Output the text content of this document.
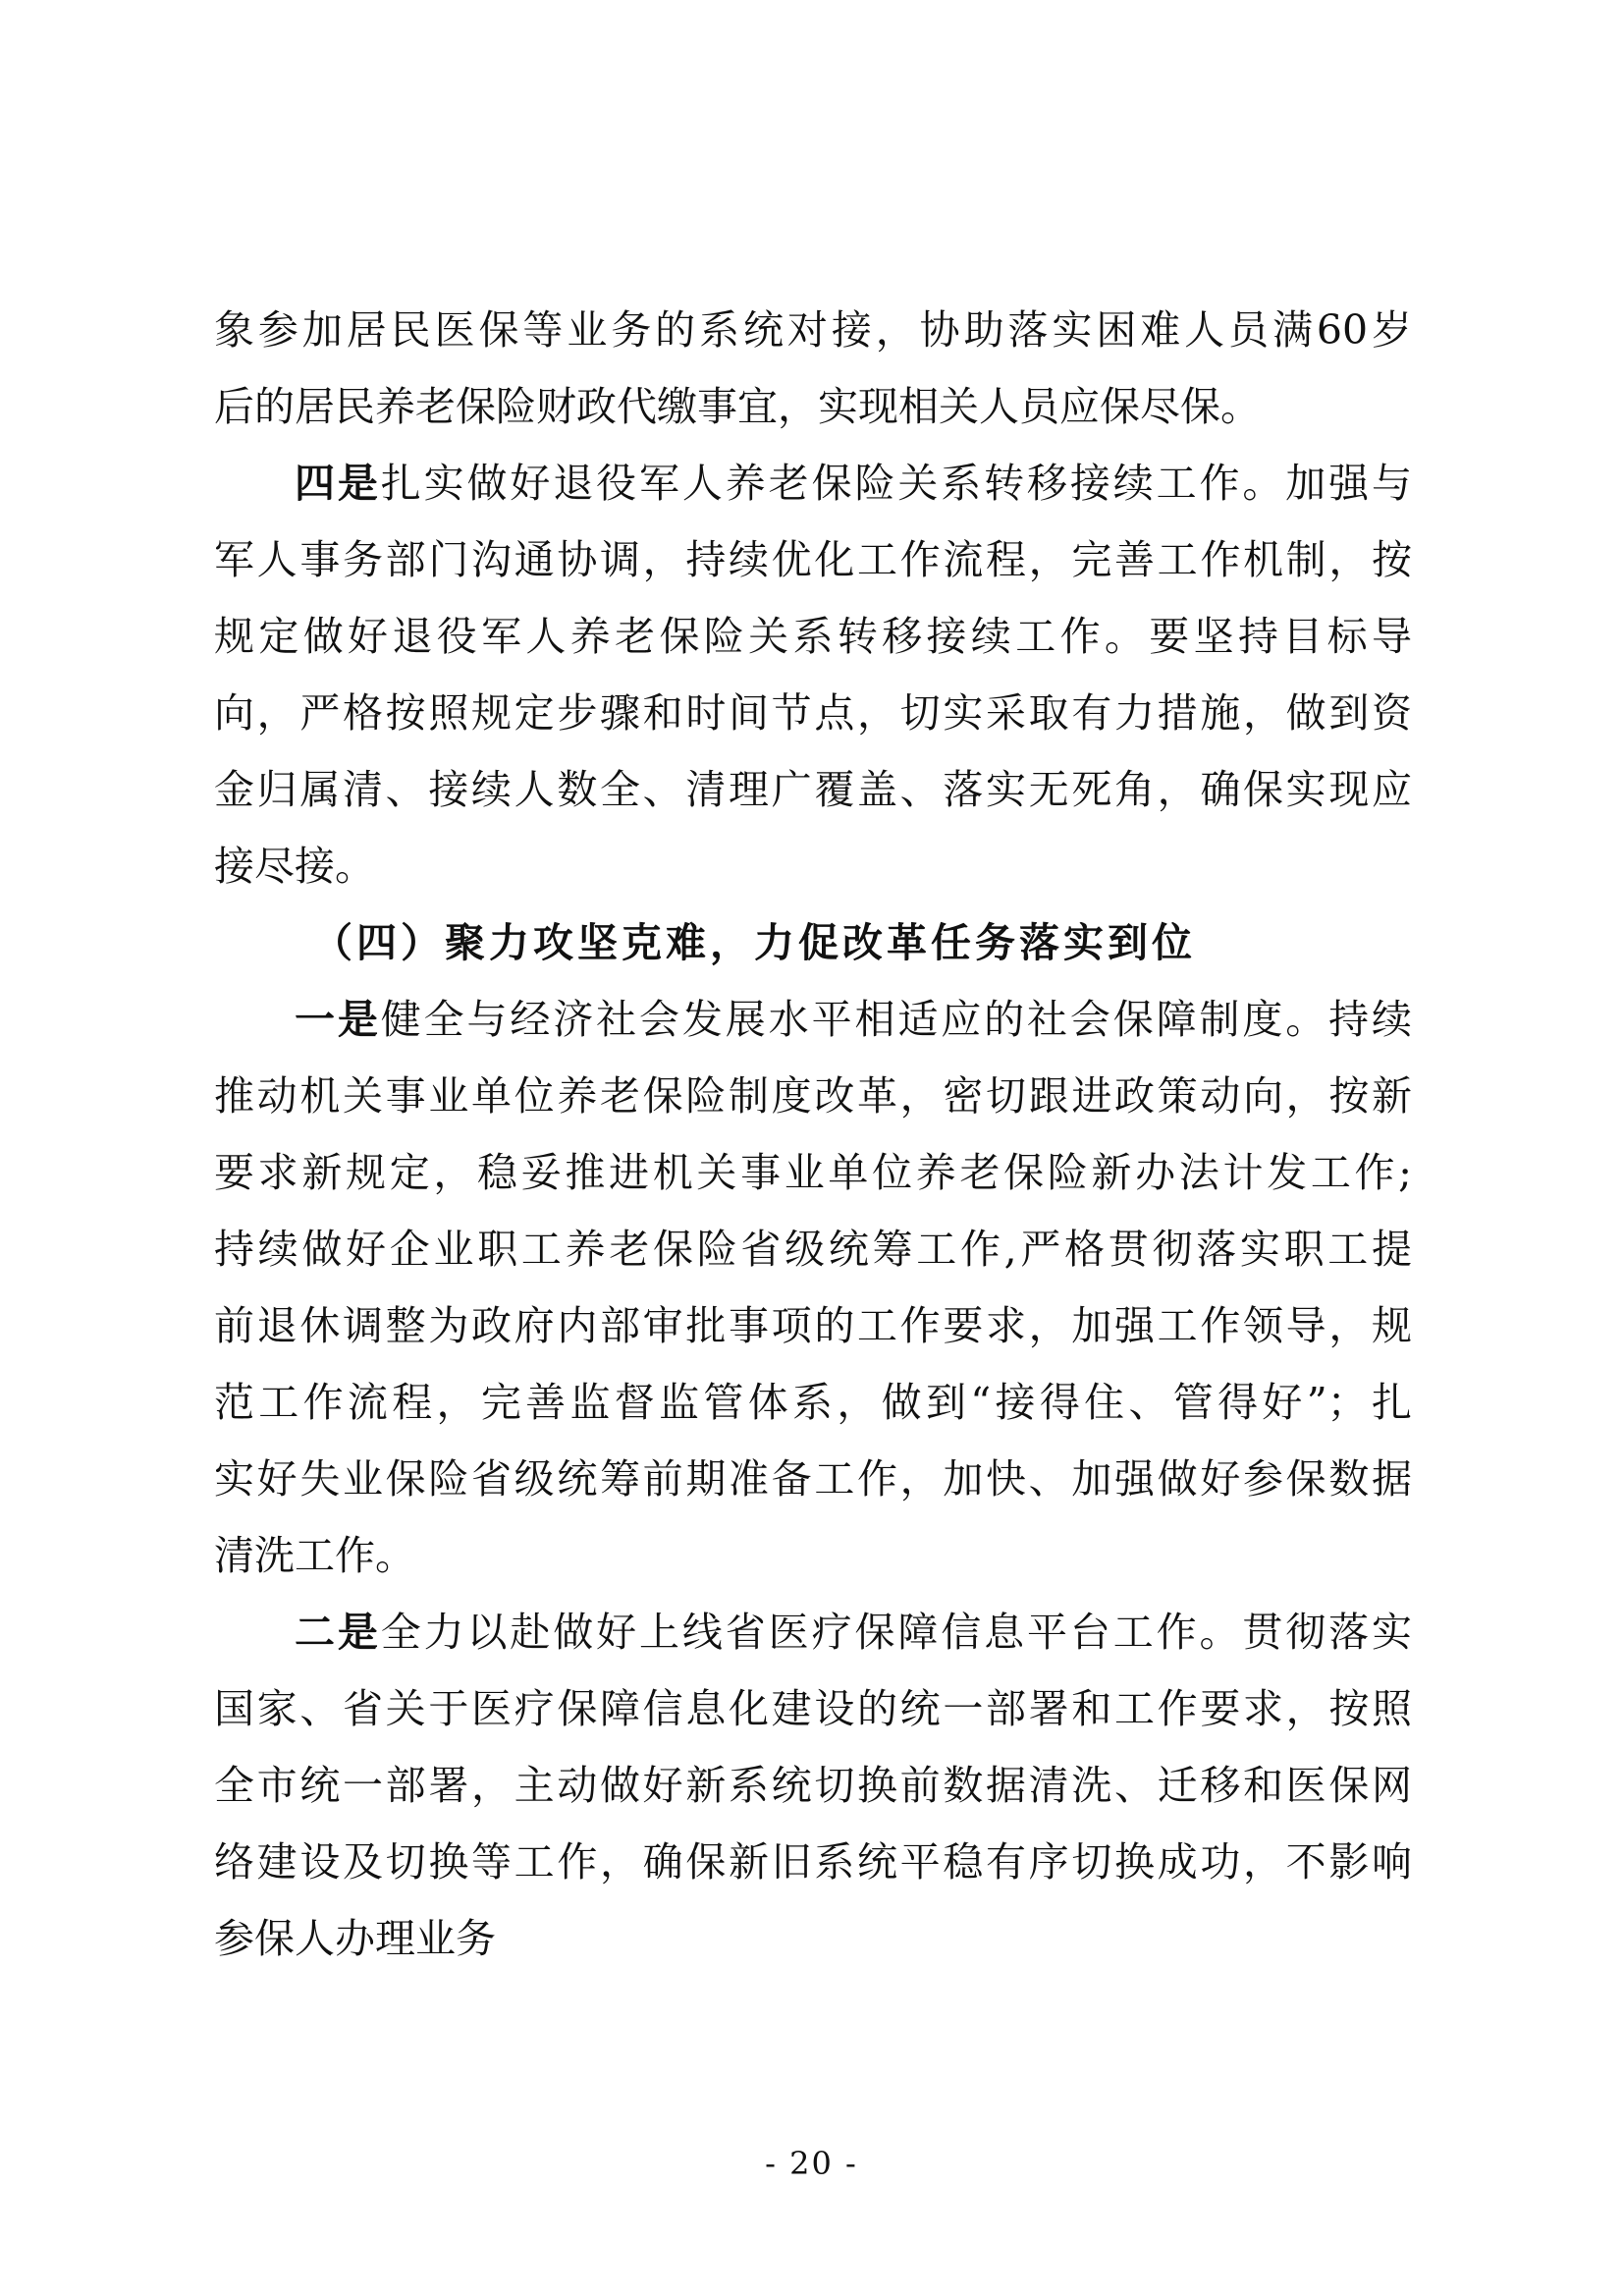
象参加居民医保等业务的系统对接，协助落实困难人员满60岁
后的居民养老保险财政代缴事宜，实现相关人员应保尽保。
四是扎实做好退役军人养老保险关系转移接续工作。加强与
军人事务部门沟通协调，持续优化工作流程，完善工作机制，按
规定做好退役军人养老保险关系转移接续工作。要坚持目标导
向，严格按照规定步骤和时间节点，切实采取有力措施，做到资
金归属清、接续人数全、清理广覆盖、落实无死角，确保实现应
接尽接。
（四）聚力攻坚克难，力促改革任务落实到位
一是健全与经济社会发展水平相适应的社会保障制度。持续
推动机关事业单位养老保险制度改革，密切跟进政策动向，按新
要求新规定，稳妥推进机关事业单位养老保险新办法计发工作;
持续做好企业职工养老保险省级统筹工作,严格贯彻落实职工提
前退休调整为政府内部审批事项的工作要求，加强工作领导，规
范工作流程，完善监督监管体系，做到“接得住、管得好”；扎
实好失业保险省级统筹前期准备工作，加快、加强做好参保数据
清洗工作。
二是全力以赴做好上线省医疗保障信息平台工作。贯彻落实
国家、省关于医疗保障信息化建设的统一部署和工作要求，按照
全市统一部署，主动做好新系统切换前数据清洗、迁移和医保网
络建设及切换等工作，确保新旧系统平稳有序切换成功，不影响
参保人办理业务
- 20 -
